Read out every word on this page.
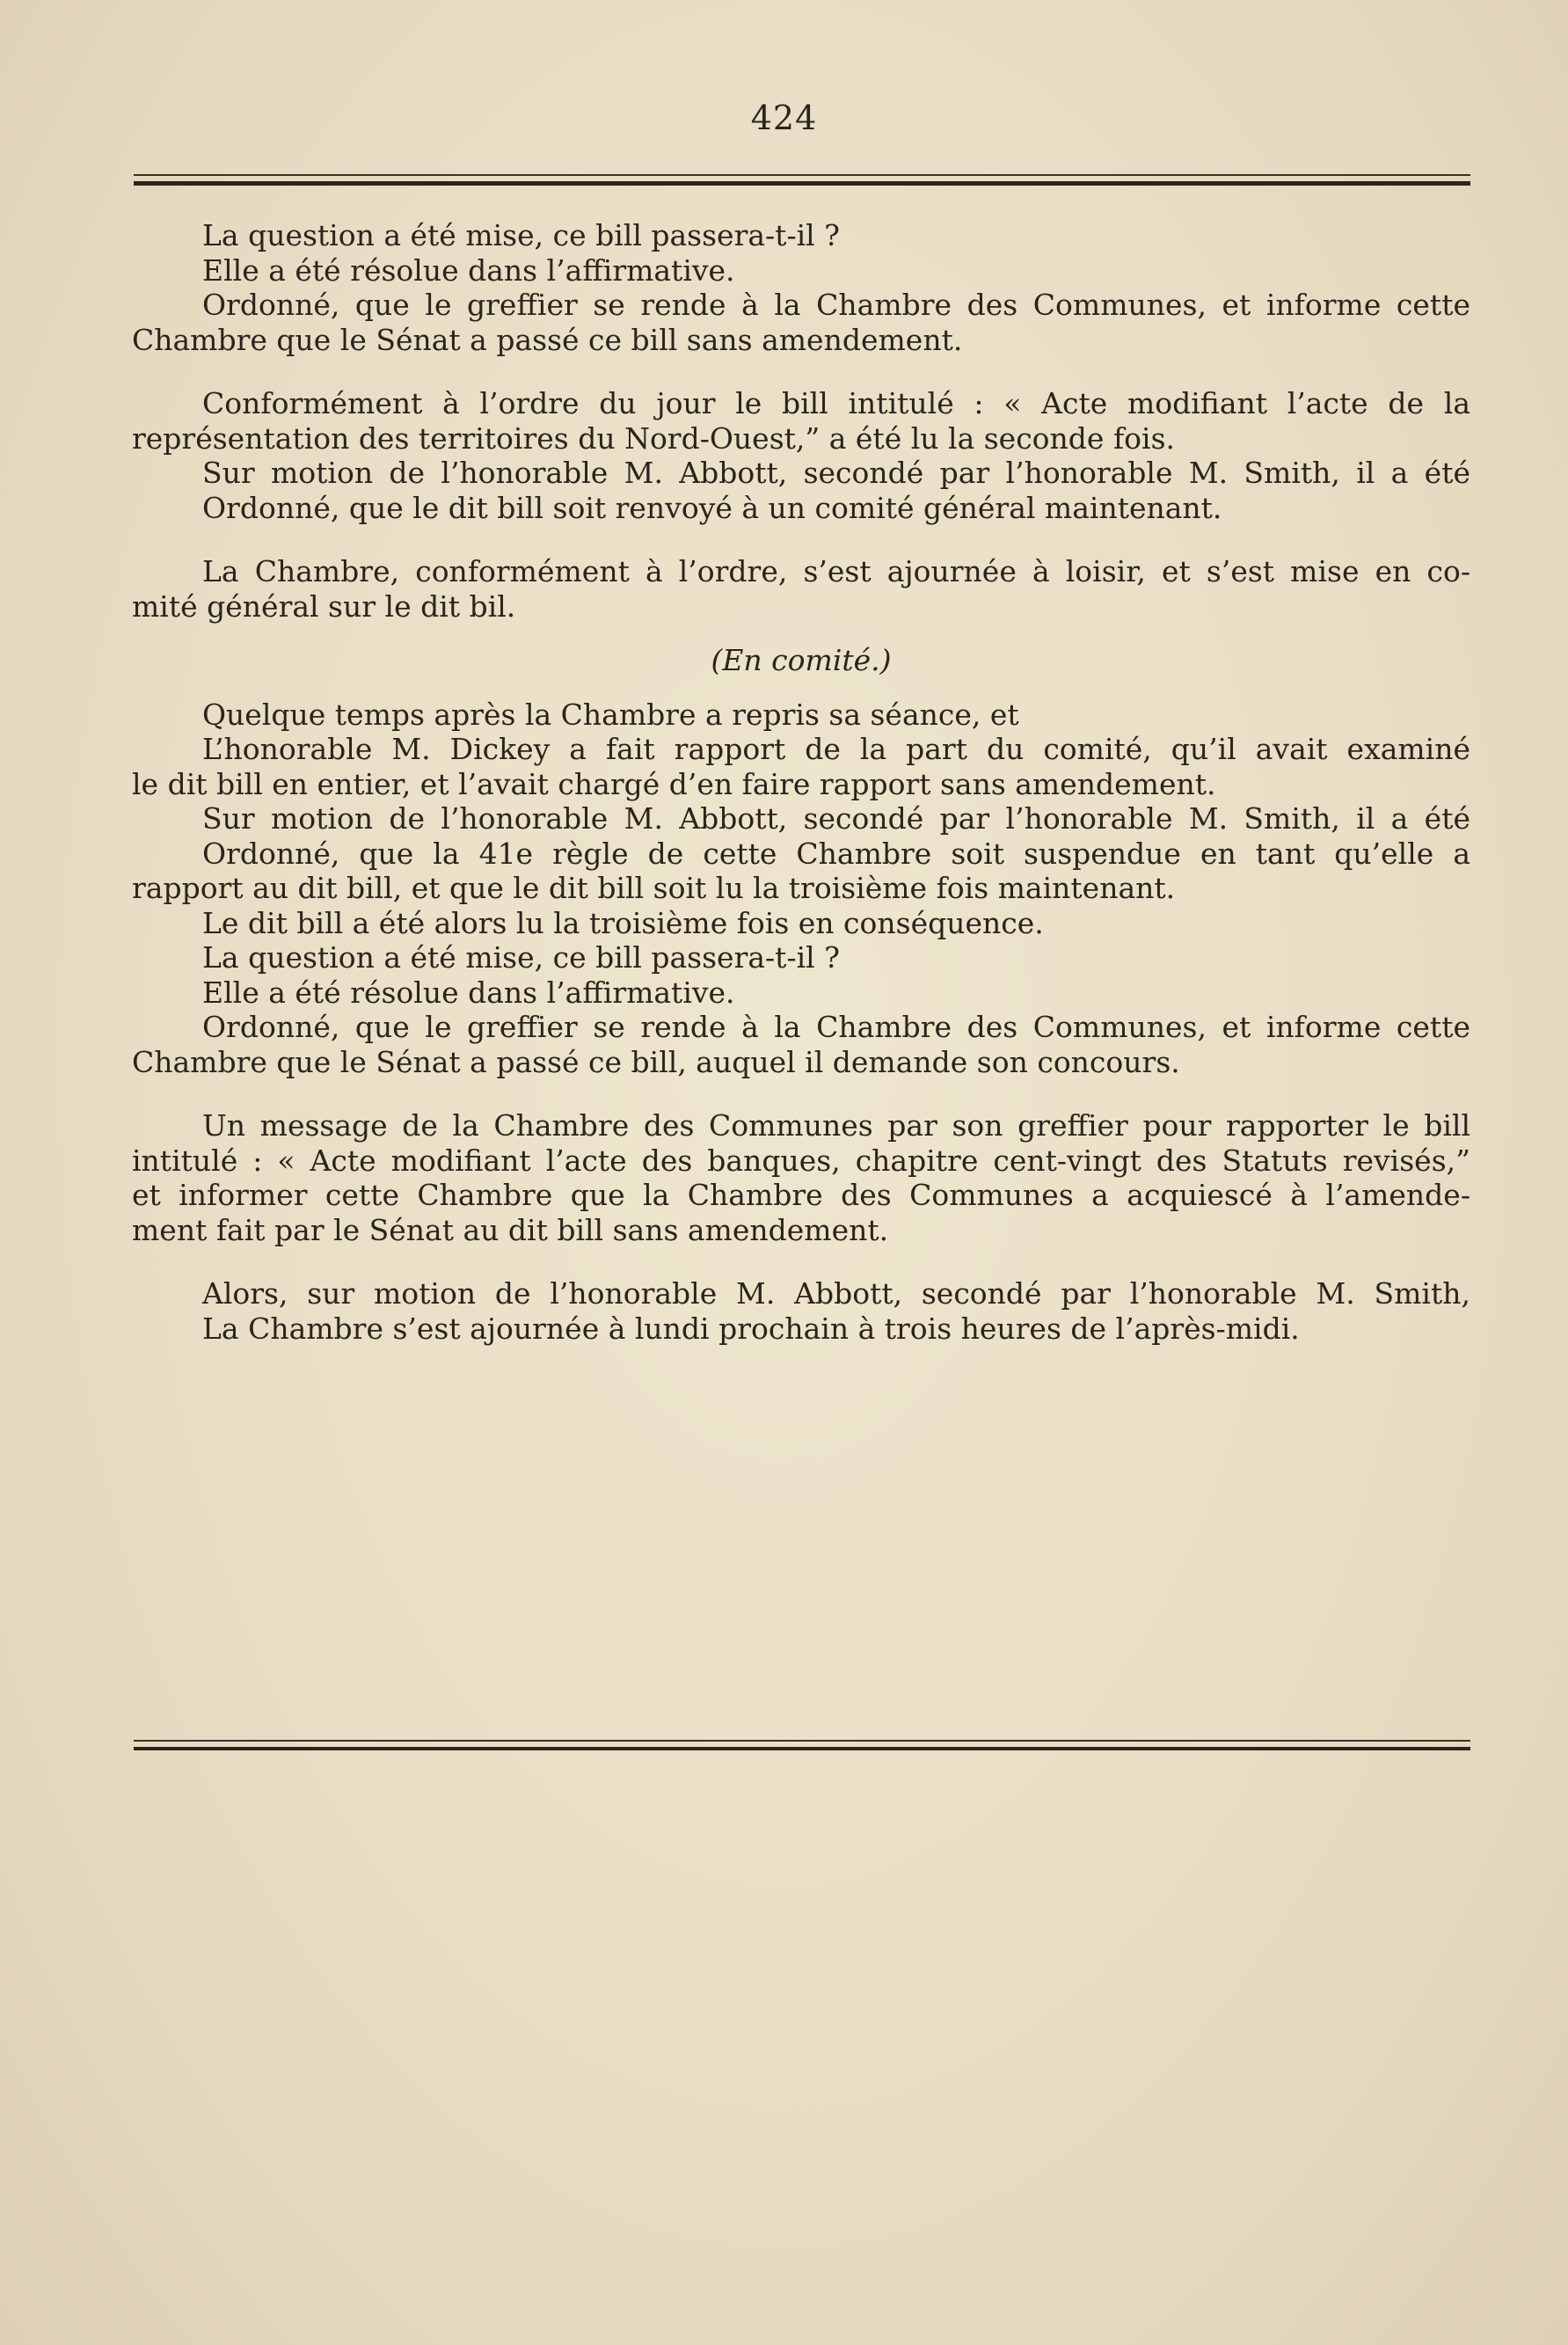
424

La question a été mise, ce bill passera-t-il ?

Elle a été résolue dans l’affirmative.

Ordonné, que le greffier se rende à la Chambre des Communes, et informe cette

Chambre que le Sénat a passé ce bill sans amendement.

Conformément à l’ordre du jour le bill intitulé : « Acte modifiant l’acte de la

représentation des territoires du Nord-Ouest,” a été lu la seconde fois.

Sur motion de l’honorable M. Abbott, secondé par l’honorable M. Smith, il a été

Ordonné, que le dit bill soit renvoyé à un comité général maintenant.

La Chambre, conformément à l’ordre, s’est ajournée à loisir, et s’est mise en co-

mité général sur le dit bil.

(En comité.)

Quelque temps après la Chambre a repris sa séance, et

L’honorable M. Dickey a fait rapport de la part du comité, qu’il avait examiné

le dit bill en entier, et l’avait chargé d’en faire rapport sans amendement.

Sur motion de l’honorable M. Abbott, secondé par l’honorable M. Smith, il a été

Ordonné, que la 41e règle de cette Chambre soit suspendue en tant qu’elle a

rapport au dit bill, et que le dit bill soit lu la troisième fois maintenant.

Le dit bill a été alors lu la troisième fois en conséquence.

La question a été mise, ce bill passera-t-il ?

Elle a été résolue dans l’affirmative.

Ordonné, que le greffier se rende à la Chambre des Communes, et informe cette

Chambre que le Sénat a passé ce bill, auquel il demande son concours.

Un message de la Chambre des Communes par son greffier pour rapporter le bill

intitulé : « Acte modifiant l’acte des banques, chapitre cent-vingt des Statuts revisés,”

et informer cette Chambre que la Chambre des Communes a acquiescé à l’amende-

ment fait par le Sénat au dit bill sans amendement.

Alors, sur motion de l’honorable M. Abbott, secondé par l’honorable M. Smith,

La Chambre s’est ajournée à lundi prochain à trois heures de l’après-midi.
